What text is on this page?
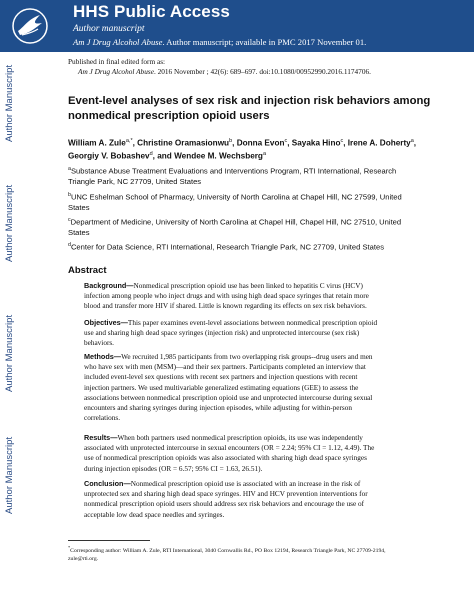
HHS Public Access
Author manuscript
Am J Drug Alcohol Abuse. Author manuscript; available in PMC 2017 November 01.
Author Manuscript
Author Manuscript
Author Manuscript
Author Manuscript
Published in final edited form as:
Am J Drug Alcohol Abuse. 2016 November ; 42(6): 689–697. doi:10.1080/00952990.2016.1174706.
Event-level analyses of sex risk and injection risk behaviors among nonmedical prescription opioid users
William A. Zule$^{a,*}$, Christine Oramasionwu$^b$, Donna Evon$^c$, Sayaka Hino$^c$, Irene A. Doherty$^a$, Georgiy V. Bobashev$^d$, and Wendee M. Wechsberg$^a$
$^a$Substance Abuse Treatment Evaluations and Interventions Program, RTI International, Research Triangle Park, NC 27709, United States
$^b$UNC Eshelman School of Pharmacy, University of North Carolina at Chapel Hill, NC 27599, United States
$^c$Department of Medicine, University of North Carolina at Chapel Hill, Chapel Hill, NC 27510, United States
$^d$Center for Data Science, RTI International, Research Triangle Park, NC 27709, United States
Abstract
Background—Nonmedical prescription opioid use has been linked to hepatitis C virus (HCV) infection among people who inject drugs and with using high dead space syringes that retain more blood and transfer more HIV if shared. Little is known regarding its effects on sex risk behaviors.
Objectives—This paper examines event-level associations between nonmedical prescription opioid use and sharing high dead space syringes (injection risk) and unprotected intercourse (sex risk) behaviors.
Methods—We recruited 1,985 participants from two overlapping risk groups--drug users and men who have sex with men (MSM)—and their sex partners. Participants completed an interview that included event-level sex questions with recent sex partners and injection questions with recent injection partners. We used multivariable generalized estimating equations (GEE) to assess the associations between nonmedical prescription opioid use and unprotected intercourse during sexual encounters and sharing syringes during injection episodes, while adjusting for within-person correlations.
Results—When both partners used nonmedical prescription opioids, its use was independently associated with unprotected intercourse in sexual encounters (OR = 2.24; 95% CI = 1.12, 4.49). The use of nonmedical prescription opioids was also associated with sharing high dead space syringes during injection episodes (OR = 6.57; 95% CI = 1.63, 26.51).
Conclusion—Nonmedical prescription opioid use is associated with an increase in the risk of unprotected sex and sharing high dead space syringes. HIV and HCV prevention interventions for nonmedical prescription opioid users should address sex risk behaviors and encourage the use of acceptable low dead space needles and syringes.
*Corresponding author: William A. Zule, RTI International, 3040 Cornwallis Rd., PO Box 12194, Research Triangle Park, NC 27709-2194, zule@rti.org.
